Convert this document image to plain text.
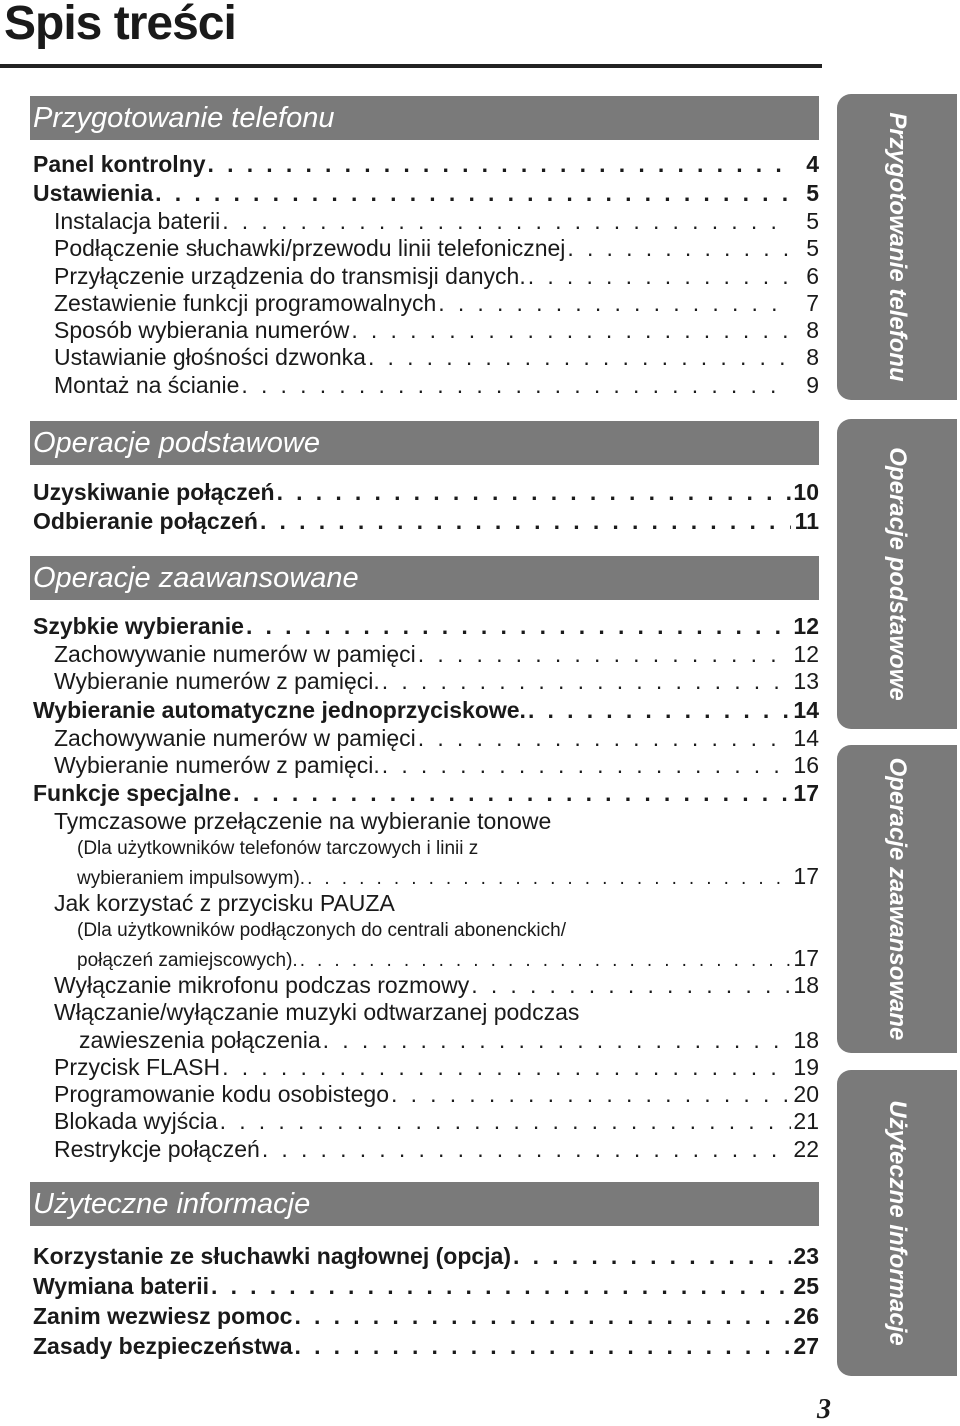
Spis treści
Przygotowanie telefonu
Panel kontrolny . . .	4
Ustawienia . . .	5
Instalacja baterii . . .	5
Podłączenie słuchawki/przewodu linii telefonicznej . . .	5
Przyłączenie urządzenia do transmisji danych. . . .	6
Zestawienie funkcji programowalnych . . .	7
Sposób wybierania numerów . . .	8
Ustawianie głośności dzwonka . . .	8
Montaż na ścianie . . .	9
Operacje podstawowe
Uzyskiwanie połączeń . . .	10
Odbieranie połączeń . . .	11
Operacje zaawansowane
Szybkie wybieranie . . .	12
Zachowywanie numerów w pamięci . . .	12
Wybieranie numerów z pamięci. . . .	13
Wybieranie automatyczne jednoprzyciskowe. . . .	14
Zachowywanie numerów w pamięci . . .	14
Wybieranie numerów z pamięci. . . .	16
Funkcje specjalne . . .	17
Tymczasowe przełączenie na wybieranie tonowe
(Dla użytkowników telefonów tarczowych i linii z
wybieraniem impulsowym). . . .	17
Jak korzystać z przycisku PAUZA
(Dla użytkowników podłączonych do centrali abonenckich/
połączeń zamiejscowych). . . .	17
Wyłączanie mikrofonu podczas rozmowy . . .	18
Włączanie/wyłączanie muzyki odtwarzanej podczas
zawieszenia połączenia . . .	18
Przycisk FLASH . . .	19
Programowanie kodu osobistego . . .	20
Blokada wyjścia . . .	21
Restrykcje połączeń . . .	22
Użyteczne informacje
Korzystanie ze słuchawki nagłownej (opcja) . . .	23
Wymiana baterii . . .	25
Zanim wezwiesz pomoc . . .	26
Zasady bezpieczeństwa . . .	27
Przygotowanie telefonu
Operacje podstawowe
Operacje zaawansowane
Użyteczne informacje
3
